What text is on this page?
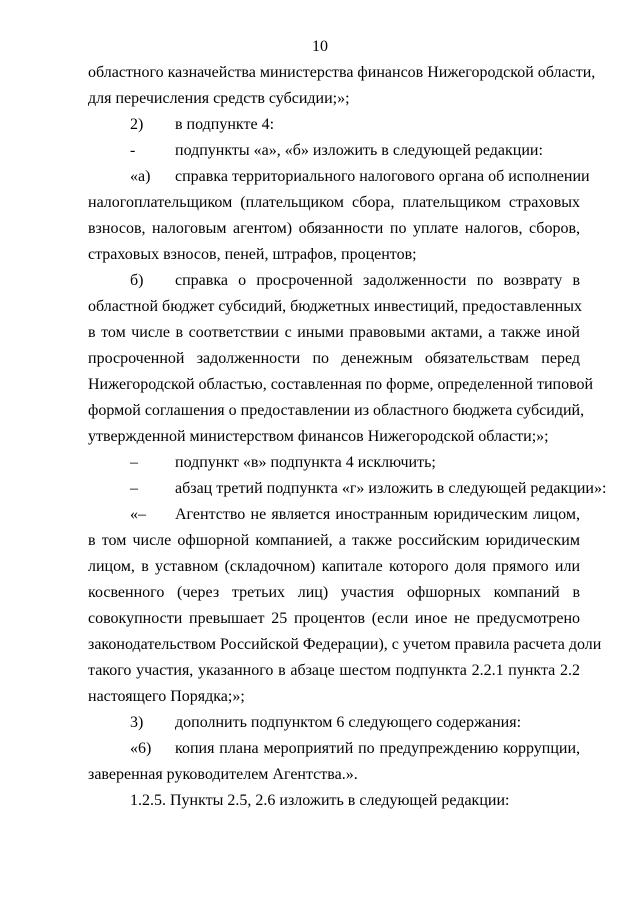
10
областного казначейства министерства финансов Нижегородской области,
для перечисления средств субсидии;»;
2) в подпункте 4:
- подпункты «а», «б» изложить в следующей редакции:
«а) справка территориального налогового органа об исполнении
налогоплательщиком (плательщиком сбора, плательщиком страховых
взносов, налоговым агентом) обязанности по уплате налогов, сборов,
страховых взносов, пеней, штрафов, процентов;
б) справка о просроченной задолженности по возврату в
областной бюджет субсидий, бюджетных инвестиций, предоставленных
в том числе в соответствии с иными правовыми актами, а также иной
просроченной задолженности по денежным обязательствам перед
Нижегородской областью, составленная по форме, определенной типовой
формой соглашения о предоставлении из областного бюджета субсидий,
утвержденной министерством финансов Нижегородской области;»;
– подпункт «в» подпункта 4 исключить;
– абзац третий подпункта «г» изложить в следующей редакции»:
«– Агентство не является иностранным юридическим лицом,
в том числе офшорной компанией, а также российским юридическим
лицом, в уставном (складочном) капитале которого доля прямого или
косвенного (через третьих лиц) участия офшорных компаний в
совокупности превышает 25 процентов (если иное не предусмотрено
законодательством Российской Федерации), с учетом правила расчета доли
такого участия, указанного в абзаце шестом подпункта 2.2.1 пункта 2.2
настоящего Порядка;»;
3) дополнить подпунктом 6 следующего содержания:
«6) копия плана мероприятий по предупреждению коррупции,
заверенная руководителем Агентства.».
1.2.5. Пункты 2.5, 2.6 изложить в следующей редакции:
